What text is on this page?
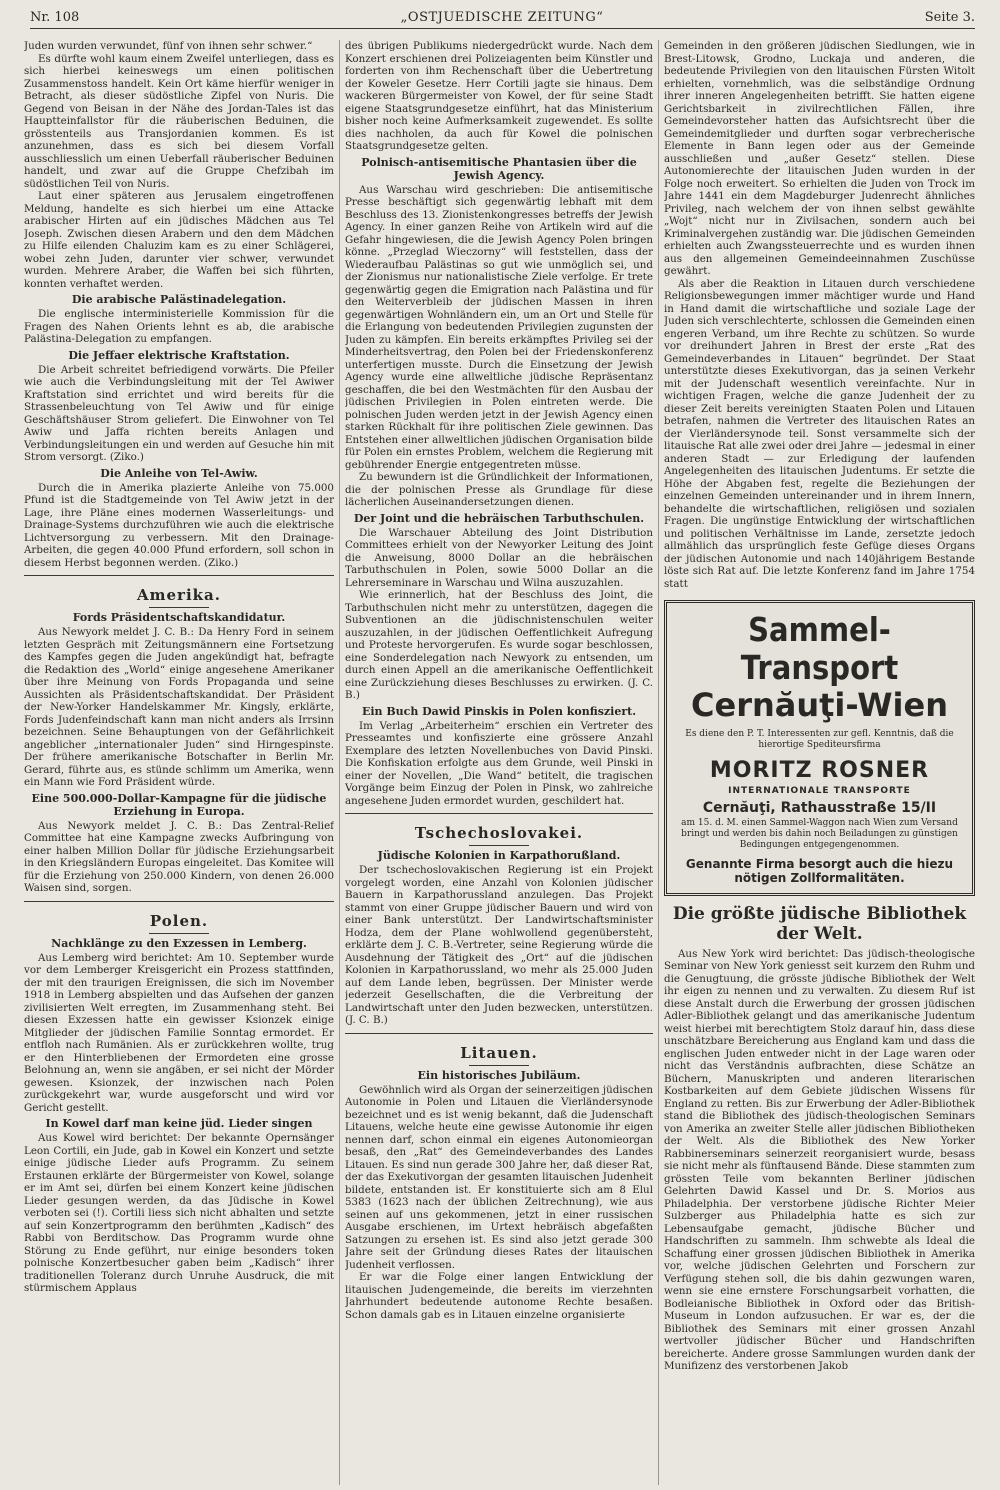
Nr. 108	„OSTJUEDISCHE ZEITUNG“	Seite 3.

Juden wurden verwundet, fünf von ihnen sehr schwer.“

Es dürfte wohl kaum einem Zweifel unterliegen, dass es sich hierbei keineswegs um einen politischen Zusammenstoss handelt. Kein Ort käme hierfür weniger in Betracht, als dieser südöstliche Zipfel von Nuris. Die Gegend von Beisan in der Nähe des Jordan-Tales ist das Hauptteinfallstor für die räuberischen Beduinen, die grösstenteils aus Transjordanien kommen. Es ist anzunehmen, dass es sich bei diesem Vorfall ausschliesslich um einen Ueberfall räuberischer Beduinen handelt, und zwar auf die Gruppe Chefzibah im südöstlichen Teil von Nuris.

Laut einer späteren aus Jerusalem eingetroffenen Meldung, handelte es sich hierbei um eine Attacke arabischer Hirten auf ein jüdisches Mädchen aus Tel Joseph. Zwischen diesen Arabern und den dem Mädchen zu Hilfe eilenden Chaluzim kam es zu einer Schlägerei, wobei zehn Juden, darunter vier schwer, verwundet wurden. Mehrere Araber, die Waffen bei sich führten, konnten verhaftet werden.

Die arabische Palästinadelegation.

Die englische interministerielle Kommission für die Fragen des Nahen Orients lehnt es ab, die arabische Palästina-Delegation zu empfangen.

Die Jeffaer elektrische Kraftstation.

Die Arbeit schreitet befriedigend vorwärts. Die Pfeiler wie auch die Verbindungsleitung mit der Tel Awiwer Kraftstation sind errichtet und wird bereits für die Strassenbeleuchtung von Tel Awiw und für einige Geschäftshäuser Strom geliefert. Die Einwohner von Tel Awiw und Jaffa richten bereits Anlagen und Verbindungsleitungen ein und werden auf Gesuche hin mit Strom versorgt. (Ziko.)

Die Anleihe von Tel-Awiw.

Durch die in Amerika plazierte Anleihe von 75.000 Pfund ist die Stadtgemeinde von Tel Awiw jetzt in der Lage, ihre Pläne eines modernen Wasserleitungs- und Drainage-Systems durchzuführen wie auch die elektrische Lichtversorgung zu verbessern. Mit den Drainage-Arbeiten, die gegen 40.000 Pfund erfordern, soll schon in diesem Herbst begonnen werden. (Ziko.)

Amerika.
Fords Präsidentschaftskandidatur.

Aus Newyork meldet J. C. B.: Da Henry Ford in seinem letzten Gespräch mit Zeitungsmännern eine Fortsetzung des Kampfes gegen die Juden angekündigt hat, befragte die Redaktion des „World“ einige angesehene Amerikaner über ihre Meinung von Fords Propaganda und seine Aussichten als Präsidentschaftskandidat. Der Präsident der New-Yorker Handelskammer Mr. Kingsly, erklärte, Fords Judenfeindschaft kann man nicht anders als Irrsinn bezeichnen. Seine Behauptungen von der Gefährlichkeit angeblicher „internationaler Juden“ sind Hirngespinste. Der frühere amerikanische Botschafter in Berlin Mr. Gerard, führte aus, es stünde schlimm um Amerika, wenn ein Mann wie Ford Präsident würde.

Eine 500.000-Dollar-Kampagne für die jüdische Erziehung in Europa.

Aus Newyork meldet J. C. B.: Das Zentral-Relief Committee hat eine Kampagne zwecks Aufbringung von einer halben Million Dollar für jüdische Erziehungsarbeit in den Kriegsländern Europas eingeleitet. Das Komitee will für die Erziehung von 250.000 Kindern, von denen 26.000 Waisen sind, sorgen.

Polen.
Nachklänge zu den Exzessen in Lemberg.

Aus Lemberg wird berichtet: Am 10. September wurde vor dem Lemberger Kreisgericht ein Prozess stattfinden, der mit den traurigen Ereignissen, die sich im November 1918 in Lemberg abspielten und das Aufsehen der ganzen zivilisierten Welt erregten, im Zusammenhang steht. Bei diesen Exzessen hatte ein gewisser Ksionzek einige Mitglieder der jüdischen Familie Sonntag ermordet. Er entfloh nach Rumänien. Als er zurückkehren wollte, trug er den Hinterbliebenen der Ermordeten eine grosse Belohnung an, wenn sie angäben, er sei nicht der Mörder gewesen. Ksionzek, der inzwischen nach Polen zurückgekehrt war, wurde ausgeforscht und wird vor Gericht gestellt.

In Kowel darf man keine jüd. Lieder singen

Aus Kowel wird berichtet: Der bekannte Opernsänger Leon Cortili, ein Jude, gab in Kowel ein Konzert und setzte einige jüdische Lieder aufs Programm. Zu seinem Erstaunen erklärte der Bürgermeister von Kowel, solange er im Amt sei, dürfen bei einem Konzert keine jüdischen Lieder gesungen werden, da das Jüdische in Kowel verboten sei (!). Cortili liess sich nicht abhalten und setzte auf sein Konzertprogramm den berühmten „Kadisch“ des Rabbi von Berditschow. Das Programm wurde ohne Störung zu Ende geführt, nur einige besonders token polnische Konzertbesucher gaben beim „Kadisch“ ihrer traditionellen Toleranz durch Unruhe Ausdruck, die mit stürmischem Applaus

des übrigen Publikums niedergedrückt wurde. Nach dem Konzert erschienen drei Polizeiagenten beim Künstler und forderten von ihm Rechenschaft über die Uebertretung der Koweler Gesetze. Herr Cortili jagte sie hinaus. Dem wackeren Bürgermeister von Kowel, der für seine Stadt eigene Staatsgrundgesetze einführt, hat das Ministerium bisher noch keine Aufmerksamkeit zugewendet. Es sollte dies nachholen, da auch für Kowel die polnischen Staatsgrundgesetze gelten.

Polnisch-antisemitische Phantasien über die Jewish Agency.

Aus Warschau wird geschrieben: Die antisemitische Presse beschäftigt sich gegenwärtig lebhaft mit dem Beschluss des 13. Zionistenkongresses betreffs der Jewish Agency. In einer ganzen Reihe von Artikeln wird auf die Gefahr hingewiesen, die die Jewish Agency Polen bringen könne. „Przeglad Wieczorny“ will feststellen, dass der Wiederaufbau Palästinas so gut wie unmöglich sei, und der Zionismus nur nationalistische Ziele verfolge. Er trete gegenwärtig gegen die Emigration nach Palästina und für den Weiterverbleib der jüdischen Massen in ihren gegenwärtigen Wohnländern ein, um an Ort und Stelle für die Erlangung von bedeutenden Privilegien zugunsten der Juden zu kämpfen. Ein bereits erkämpftes Privileg sei der Minderheitsvertrag, den Polen bei der Friedenskonferenz unterfertigen musste. Durch die Einsetzung der Jewish Agency wurde eine allweltliche jüdische Repräsentanz geschaffen, die bei den Westmächten für den Ausbau der jüdischen Privilegien in Polen eintreten werde. Die polnischen Juden werden jetzt in der Jewish Agency einen starken Rückhalt für ihre politischen Ziele gewinnen. Das Entstehen einer allweltlichen jüdischen Organisation bilde für Polen ein ernstes Problem, welchem die Regierung mit gebührender Energie entgegentreten müsse.

Zu bewundern ist die Gründlichkeit der Informationen, die der polnischen Presse als Grundlage für diese lächerlichen Auseinandersetzungen dienen.

Der Joint und die hebräischen Tarbuthschulen.

Die Warschauer Abteilung des Joint Distribution Committees erhielt von der Newyorker Leitung des Joint die Anweisung, 8000 Dollar an die hebräischen Tarbuthschulen in Polen, sowie 5000 Dollar an die Lehrerseminare in Warschau und Wilna auszuzahlen.

Wie erinnerlich, hat der Beschluss des Joint, die Tarbuthschulen nicht mehr zu unterstützen, dagegen die Subventionen an die jüdischnistenschulen weiter auszuzahlen, in der jüdischen Oeffentlichkeit Aufregung und Proteste hervorgerufen. Es wurde sogar beschlossen, eine Sonderdelegation nach Newyork zu entsenden, um durch einen Appell an die amerikanische Oeffentlichkeit eine Zurückziehung dieses Beschlusses zu erwirken. (J. C. B.)

Ein Buch Dawid Pinskis in Polen konfisziert.

Im Verlag „Arbeiterheim“ erschien ein Vertreter des Presseamtes und konfiszierte eine grössere Anzahl Exemplare des letzten Novellenbuches von David Pinski. Die Konfiskation erfolgte aus dem Grunde, weil Pinski in einer der Novellen, „Die Wand“ betitelt, die tragischen Vorgänge beim Einzug der Polen in Pinsk, wo zahlreiche angesehene Juden ermordet wurden, geschildert hat.

Tschechoslovakei.
Jüdische Kolonien in Karpathorußland.

Der tschechoslovakischen Regierung ist ein Projekt vorgelegt worden, eine Anzahl von Kolonien jüdischer Bauern in Karpathorussland anzulegen. Das Projekt stammt von einer Gruppe jüdischer Bauern und wird von einer Bank unterstützt. Der Landwirtschaftsminister Hodza, dem der Plane wohlwollend gegenübersteht, erklärte dem J. C. B.-Vertreter, seine Regierung würde die Ausdehnung der Tätigkeit des „Ort“ auf die jüdischen Kolonien in Karpathorussland, wo mehr als 25.000 Juden auf dem Lande leben, begrüssen. Der Minister werde jederzeit Gesellschaften, die die Verbreitung der Landwirtschaft unter den Juden bezwecken, unterstützen. (J. C. B.)

Litauen.
Ein historisches Jubiläum.

Gewöhnlich wird als Organ der seinerzeitigen jüdischen Autonomie in Polen und Litauen die Vierländersynode bezeichnet und es ist wenig bekannt, daß die Judenschaft Litauens, welche heute eine gewisse Autonomie ihr eigen nennen darf, schon einmal ein eigenes Autonomieorgan besaß, den „Rat“ des Gemeindeverbandes des Landes Litauen. Es sind nun gerade 300 Jahre her, daß dieser Rat, der das Exekutivorgan der gesamten litauischen Judenheit bildete, entstanden ist. Er konstituierte sich am 8 Elul 5383 (1623 nach der üblichen Zeitrechnung), wie aus seinen auf uns gekommenen, jetzt in einer russischen Ausgabe erschienen, im Urtext hebräisch abgefaßten Satzungen zu ersehen ist. Es sind also jetzt gerade 300 Jahre seit der Gründung dieses Rates der litauischen Judenheit verflossen.

Er war die Folge einer langen Entwicklung der litauischen Judengemeinde, die bereits im vierzehnten Jahrhundert bedeutende autonome Rechte besaßen. Schon damals gab es in Litauen einzelne organisierte

Gemeinden in den größeren jüdischen Siedlungen, wie in Brest-Litowsk, Grodno, Luckaja und anderen, die bedeutende Privilegien von den litauischen Fürsten Witolt erhielten, vornehmlich, was die selbständige Ordnung ihrer inneren Angelegenheiten betrifft. Sie hatten eigene Gerichtsbarkeit in zivilrechtlichen Fällen, ihre Gemeindevorsteher hatten das Aufsichtsrecht über die Gemeindemitglieder und durften sogar verbrecherische Elemente in Bann legen oder aus der Gemeinde ausschließen und „außer Gesetz“ stellen. Diese Autonomierechte der litauischen Juden wurden in der Folge noch erweitert. So erhielten die Juden von Trock im Jahre 1441 ein dem Magdeburger Judenrecht ähnliches Privileg, nach welchem der von ihnen selbst gewählte „Wojt“ nicht nur in Zivilsachen, sondern auch bei Kriminalvergehen zuständig war. Die jüdischen Gemeinden erhielten auch Zwangssteuerrechte und es wurden ihnen aus den allgemeinen Gemeindeeinnahmen Zuschüsse gewährt.

Als aber die Reaktion in Litauen durch verschiedene Religionsbewegungen immer mächtiger wurde und Hand in Hand damit die wirtschaftliche und soziale Lage der Juden sich verschlechterte, schlossen die Gemeinden einen engeren Verband, um ihre Rechte zu schützen. So wurde vor dreihundert Jahren in Brest der erste „Rat des Gemeindeverbandes in Litauen“ begründet. Der Staat unterstützte dieses Exekutivorgan, das ja seinen Verkehr mit der Judenschaft wesentlich vereinfachte. Nur in wichtigen Fragen, welche die ganze Judenheit der zu dieser Zeit bereits vereinigten Staaten Polen und Litauen betrafen, nahmen die Vertreter des litauischen Rates an der Vierländersynode teil. Sonst versammelte sich der litauische Rat alle zwei oder drei Jahre — jedesmal in einer anderen Stadt — zur Erledigung der laufenden Angelegenheiten des litauischen Judentums. Er setzte die Höhe der Abgaben fest, regelte die Beziehungen der einzelnen Gemeinden untereinander und in ihrem Innern, behandelte die wirtschaftlichen, religiösen und sozialen Fragen. Die ungünstige Entwicklung der wirtschaftlichen und politischen Verhältnisse im Lande, zersetzte jedoch allmählich das ursprünglich feste Gefüge dieses Organs der jüdischen Autonomie und nach 140jährigem Bestande löste sich Rat auf. Die letzte Konferenz fand im Jahre 1754 statt

Sammel-Transport
Cernăuţi-Wien
Es diene den P. T. Interessenten zur gefl. Kenntnis, daß die hierortige Spediteursfirma
MORITZ ROSNER
INTERNATIONALE TRANSPORTE
Cernăuţi, Rathausstraße 15/II
am 15. d. M. einen Sammel-Waggon nach Wien zum Versand bringt und werden bis dahin noch Beiladungen zu günstigen Bedingungen entgegengenommen.
Genannte Firma besorgt auch die hiezu nötigen Zollformalitäten.
Die größte jüdische Bibliothek der Welt.

Aus New York wird berichtet: Das jüdisch-theologische Seminar von New York geniesst seit kurzem den Ruhm und die Genugtuung, die grösste jüdische Bibliothek der Welt ihr eigen zu nennen und zu verwalten. Zu diesem Ruf ist diese Anstalt durch die Erwerbung der grossen jüdischen Adler-Bibliothek gelangt und das amerikanische Judentum weist hierbei mit berechtigtem Stolz darauf hin, dass diese unschätzbare Bereicherung aus England kam und dass die englischen Juden entweder nicht in der Lage waren oder nicht das Verständnis aufbrachten, diese Schätze an Büchern, Manuskripten und anderen literarischen Kostbarkeiten auf dem Gebiete jüdischen Wissens für England zu retten. Bis zur Erwerbung der Adler-Bibliothek stand die Bibliothek des jüdisch-theologischen Seminars von Amerika an zweiter Stelle aller jüdischen Bibliotheken der Welt. Als die Bibliothek des New Yorker Rabbinerseminars seinerzeit reorganisiert wurde, besass sie nicht mehr als fünftausend Bände. Diese stammten zum grössten Teile vom bekannten Berliner jüdischen Gelehrten Dawid Kassel und Dr. S. Morios aus Philadelphia. Der verstorbene jüdische Richter Meier Sulzberger aus Philadelphia hatte es sich zur Lebensaufgabe gemacht, jüdische Bücher und Handschriften zu sammeln. Ihm schwebte als Ideal die Schaffung einer grossen jüdischen Bibliothek in Amerika vor, welche jüdischen Gelehrten und Forschern zur Verfügung stehen soll, die bis dahin gezwungen waren, wenn sie eine ernstere Forschungsarbeit vorhatten, die Bodleianische Bibliothek in Oxford oder das British-Museum in London aufzusuchen. Er war es, der die Bibliothek des Seminars mit einer grossen Anzahl wertvoller jüdischer Bücher und Handschriften bereicherte. Andere grosse Sammlungen wurden dank der Munifizenz des verstorbenen Jakob
